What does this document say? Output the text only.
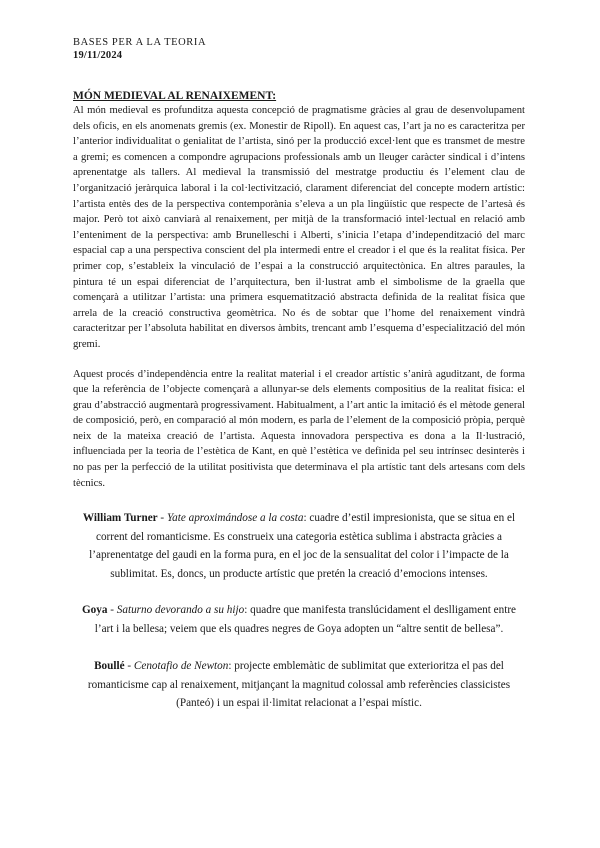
BASES PER A LA TEORIA
19/11/2024
MÓN MEDIEVAL AL RENAIXEMENT:

Al món medieval es profunditza aquesta concepció de pragmatisme gràcies al grau de desenvolupament dels oficis, en els anomenats gremis (ex. Monestir de Ripoll). En aquest cas, l’art ja no es caracteritza per l’anterior individualitat o genialitat de l’artista, sinó per la producció excel·lent que es transmet de mestre a gremi; es comencen a compondre agrupacions professionals amb un lleuger caràcter sindical i d’intens aprenentatge als tallers. Al medieval la transmissió del mestratge productiu és l’element clau de l’organització jeràrquica laboral i la col·lectivització, clarament diferenciat del concepte modern artístic: l’artista entès des de la perspectiva contemporània s’eleva a un pla lingüístic que respecte de l’artesà és major. Però tot això canviarà al renaixement, per mitjà de la transformació intel·lectual en relació amb l’enteniment de la perspectiva: amb Brunelleschi i Alberti, s’inicia l’etapa d’independització del marc espacial cap a una perspectiva conscient del pla intermedi entre el creador i el que és la realitat física. Per primer cop, s’estableix la vinculació de l’espai a la construcció arquitectònica. En altres paraules, la pintura té un espai diferenciat de l’arquitectura, ben il·lustrat amb el simbolisme de la graella que començarà a utilitzar l’artista: una primera esquematització abstracta definida de la realitat física que arrela de la creació constructiva geomètrica. No és de sobtar que l’home del renaixement vindrà caracteritzar per l’absoluta habilitat en diversos àmbits, trencant amb l’esquema d’especialització del món gremi.

Aquest procés d’independència entre la realitat material i el creador artístic s’anirà aguditzant, de forma que la referència de l’objecte començarà a allunyar-se dels elements compositius de la realitat física: el grau d’abstracció augmentarà progressivament. Habitualment, a l’art antic la imitació és el mètode general de composició, però, en comparació al món modern, es parla de l’element de la composició pròpia, perquè neix de la mateixa creació de l’artista. Aquesta innovadora perspectiva es dona a la Il·lustració, influenciada per la teoria de l’estètica de Kant, en què l’estètica ve definida pel seu intrínsec desinterès i no pas per la perfecció de la utilitat positivista que determinava el pla artístic tant dels artesans com dels tècnics.

William Turner - Yate aproximándose a la costa: cuadre d’estil impresionista, que se situa en el corrent del romanticisme. Es construeix una categoria estètica sublima i abstracta gràcies a l’aprenentatge del gaudi en la forma pura, en el joc de la sensualitat del color i l’impacte de la sublimitat. Es, doncs, un producte artístic que pretén la creació d’emocions intenses.

Goya - Saturno devorando a su hijo: quadre que manifesta translúcidament el deslligament entre l’art i la bellesa; veiem que els quadres negres de Goya adopten un “altre sentit de bellesa”.

Boullé - Cenotafio de Newton: projecte emblemàtic de sublimitat que exterioritza el pas del romanticisme cap al renaixement, mitjançant la magnitud colossal amb referències classicistes (Panteó) i un espai il·limitat relacionat a l’espai místic.
